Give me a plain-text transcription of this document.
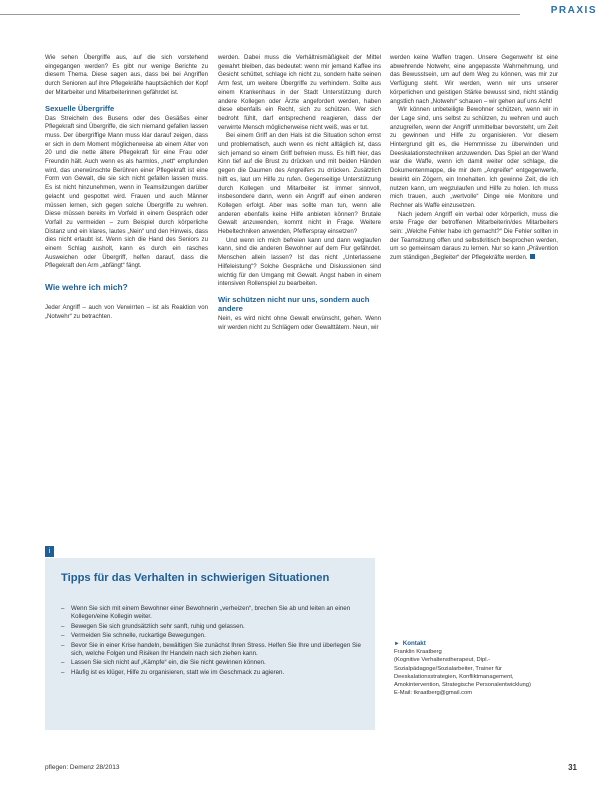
PRAXIS

Wie sehen Übergriffe aus, auf die sich vorstehend eingegangen werden? Es gibt nur wenige Berichte zu diesem Thema. Diese sagen aus, dass bei bei Angriffen durch Senioren auf ihre Pflegekräfte hauptsächlich der Kopf der Mitarbeiter und Mitarbeiterinnen gefährdet ist.

Sexuelle Übergriffe

Das Streicheln des Busens oder des Gesäßes einer Pflegekraft sind Übergriffe, die sich niemand gefallen lassen muss. Der übergriffige Mann muss klar darauf zeigen, dass er sich in dem Moment möglicherweise ab einem Alter von 20 und die nette ältere Pflegekraft für eine Frau oder Freundin hält. Auch wenn es als harmlos, „nett“ empfunden wird, das unerwünschte Berühren einer Pflegekraft ist eine Form von Gewalt, die sie sich nicht gefallen lassen muss. Es ist nicht hinzunehmen, wenn in Teamsitzungen darüber gelacht und gespottet wird. Frauen und auch Männer müssen lernen, sich gegen solche Übergriffe zu wehren. Diese müssen bereits im Vorfeld in einem Gespräch oder Vorfall zu vermeiden – zum Beispiel durch körperliche Distanz und ein klares, lautes „Nein“ und den Hinweis, dass dies nicht erlaubt ist. Wenn sich die Hand des Seniors zu einem Schlag ausholt, kann es durch ein rasches Ausweichen oder Übergriff, helfen darauf, dass die Pflegekraft den Arm „abfängt“ fängt.

Wie wehre ich mich?

Jeder Angriff – auch von Verwirrten – ist als Reaktion von „Notwehr“ zu betrachten.

werden. Dabei muss die Verhältnismäßigkeit der Mittel gewahrt bleiben, das bedeutet: wenn mir jemand Kaffee ins Gesicht schüttet, schlage ich nicht zu, sondern halte seinen Arm fest, um weitere Übergriffe zu verhindern. Sollte aus einem Krankenhaus in der Stadt Unterstützung durch andere Kollegen oder Ärzte angefordert werden, haben diese ebenfalls ein Recht, sich zu schützen. Wer sich bedroht fühlt, darf entsprechend reagieren, dass der verwirrte Mensch möglicherweise nicht weiß, was er tut.

Bei einem Griff an den Hals ist die Situation schon ernst und problematisch, auch wenn es nicht alltäglich ist, dass sich jemand so einem Griff befreien muss. Es hilft hier, das Kinn tief auf die Brust zu drücken und mit beiden Händen gegen die Daumen des Angreifers zu drücken. Zusätzlich hilft es, laut um Hilfe zu rufen. Gegenseitige Unterstützung durch Kollegen und Mitarbeiter ist immer sinnvoll, insbesondere dann, wenn ein Angriff auf einen anderen Kollegen erfolgt. Aber was sollte man tun, wenn alle anderen ebenfalls keine Hilfe anbieten können? Brutale Gewalt anzuwenden, kommt nicht in Frage. Weitere Hebeltechniken anwenden, Pfefferspray einsetzen?

Und wenn ich mich befreien kann und dann weglaufen kann, sind die anderen Bewohner auf dem Flur gefährdet. Menschen allein lassen? Ist das nicht „Unterlassene Hilfeleistung“? Solche Gespräche und Diskussionen sind wichtig für den Umgang mit Gewalt. Angst haben in einem intensiven Rollenspiel zu bearbeiten.

Wir schützen nicht nur uns, sondern auch andere

Nein, es wird nicht ohne Gewalt erwünscht, gehen. Wenn wir werden nicht zu Schlägern oder Gewalttätern. Neun, wir

werden keine Waffen tragen. Unsere Gegenwehr ist eine abwehrende Notwehr, eine angepasste Wahrnehmung, und das Bewusstsein, um auf dem Weg zu können, was mir zur Verfügung steht. Wir werden, wenn wir uns unserer körperlichen und geistigen Stärke bewusst sind, nicht ständig angstlich nach „Notwehr“ schauen – wir gehen auf uns Acht!

Wir können unbeteiligte Bewohner schützen, wenn wir in der Lage sind, uns selbst zu schützen, zu wehren und auch anzugreifen, wenn der Angriff unmittelbar bevorsteht, um Zeit zu gewinnen und Hilfe zu organisieren. Vor diesem Hintergrund gilt es, die Hemmnisse zu überwinden und Deeskalationstechniken anzuwenden. Das Spiel an der Wand war die Waffe, wenn ich damit weiter oder schlage, die Dokumentenmappe, die mir dem „Angreifer“ entgegenwerfe, bewirkt ein Zögern, ein Innehalten. Ich gewinne Zeit, die ich nutzen kann, um wegzulaufen und Hilfe zu holen. Ich muss mich trauen, auch „wertvolle“ Dinge wie Monitore und Rechner als Waffe einzusetzen.

Nach jedem Angriff ein verbal oder körperlich, muss die erste Frage der betroffenen Mitarbeiterin/des Mitarbeiters sein: „Welche Fehler habe ich gemacht?“ Die Fehler sollten in der Teamsitzung offen und selbstkritisch besprochen werden, um so gemeinsam daraus zu lernen. Nur so kann „Prävention zum ständigen „Begleiter“ der Pflegekräfte werden.

i
Tipps für das Verhalten in schwierigen Situationen
– Wenn Sie sich mit einem Bewohner einer Bewohnerin „verheizen“, brechen Sie ab und leiten an einen Kollegen/eine Kollegin weiter.
– Bewegen Sie sich grundsätzlich sehr sanft, ruhig und gelassen.
– Vermeiden Sie schnelle, ruckartige Bewegungen.
– Bevor Sie in einer Krise handeln, bewältigen Sie zunächst Ihren Stress. Helfen Sie Ihre und überlegen Sie sich, welche Folgen und Risiken Ihr Handeln nach sich ziehen kann.
– Lassen Sie sich nicht auf „Kämpfe“ ein, die Sie nicht gewinnen können.
– Häufig ist es klüger, Hilfe zu organisieren, statt wie im Geschmack zu agieren.
► Kontakt
Franklin Kraatberg
(Kognitive Verhaltenstherapeut, Dipl.-Sozialpädagoge/Sozialarbeiter, Trainer für Deeskalationsstrategien, Konfliktmanagement, Amokintervention, Strategische Personalentwicklung)
E-Mail: tkraatberg@gmail.com
pflegen: Demenz 28/2013	31
